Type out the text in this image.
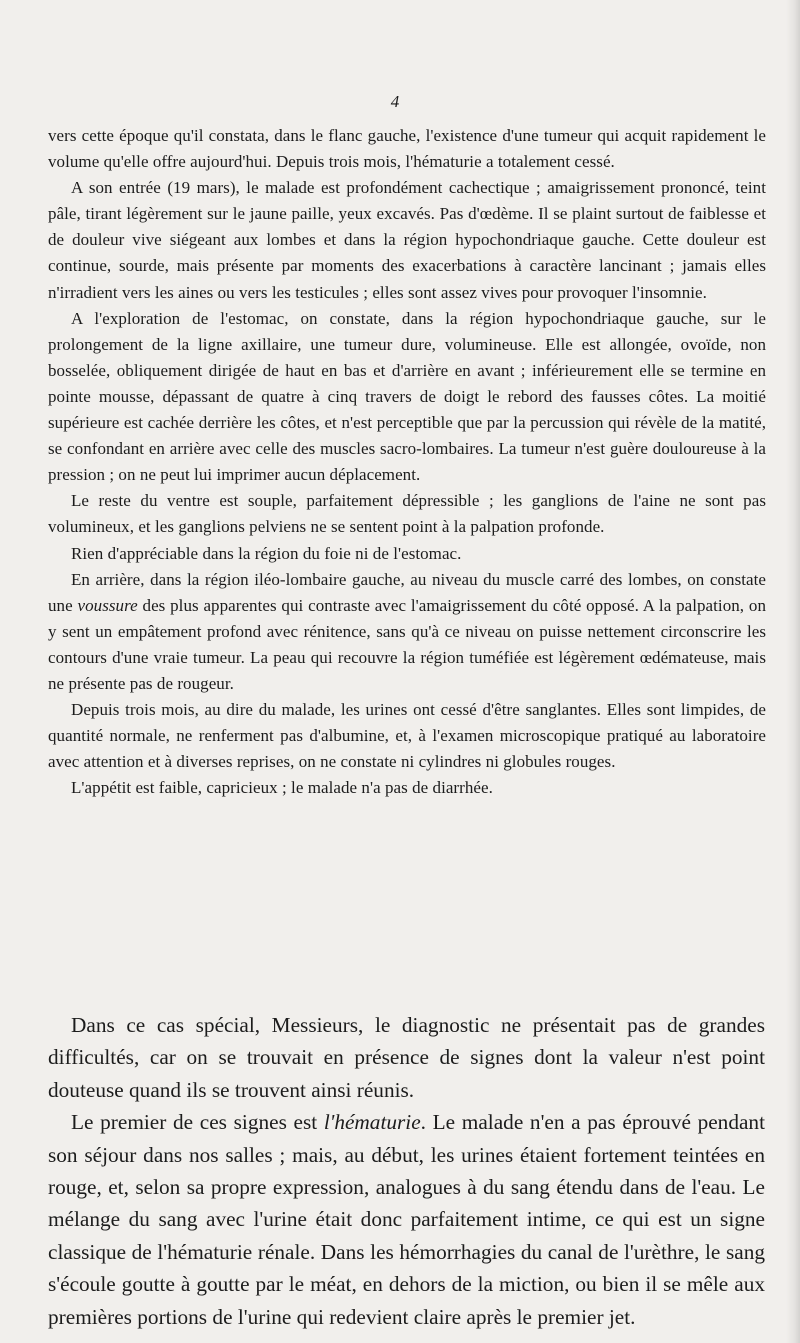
4

vers cette époque qu'il constata, dans le flanc gauche, l'existence d'une tumeur qui acquit rapidement le volume qu'elle offre aujourd'hui. Depuis trois mois, l'hématurie a totalement cessé.

A son entrée (19 mars), le malade est profondément cachectique ; amaigrissement prononcé, teint pâle, tirant légèrement sur le jaune paille, yeux excavés. Pas d'œdème. Il se plaint surtout de faiblesse et de douleur vive siégeant aux lombes et dans la région hypochondriaque gauche. Cette douleur est continue, sourde, mais présente par moments des exacerbations à caractère lancinant ; jamais elles n'irradient vers les aines ou vers les testicules ; elles sont assez vives pour provoquer l'insomnie.

A l'exploration de l'estomac, on constate, dans la région hypochondriaque gauche, sur le prolongement de la ligne axillaire, une tumeur dure, volumineuse. Elle est allongée, ovoïde, non bosselée, obliquement dirigée de haut en bas et d'arrière en avant ; inférieurement elle se termine en pointe mousse, dépassant de quatre à cinq travers de doigt le rebord des fausses côtes. La moitié supérieure est cachée derrière les côtes, et n'est perceptible que par la percussion qui révèle de la matité, se confondant en arrière avec celle des muscles sacro-lombaires. La tumeur n'est guère douloureuse à la pression ; on ne peut lui imprimer aucun déplacement.

Le reste du ventre est souple, parfaitement dépressible ; les ganglions de l'aine ne sont pas volumineux, et les ganglions pelviens ne se sentent point à la palpation profonde.

Rien d'appréciable dans la région du foie ni de l'estomac.

En arrière, dans la région iléo-lombaire gauche, au niveau du muscle carré des lombes, on constate une voussure des plus apparentes qui contraste avec l'amaigrissement du côté opposé. A la palpation, on y sent un empâtement profond avec rénitence, sans qu'à ce niveau on puisse nettement circonscrire les contours d'une vraie tumeur. La peau qui recouvre la région tuméfiée est légèrement œdémateuse, mais ne présente pas de rougeur.

Depuis trois mois, au dire du malade, les urines ont cessé d'être sanglantes. Elles sont limpides, de quantité normale, ne renferment pas d'albumine, et, à l'examen microscopique pratiqué au laboratoire avec attention et à diverses reprises, on ne constate ni cylindres ni globules rouges.

L'appétit est faible, capricieux ; le malade n'a pas de diarrhée.

Dans ce cas spécial, Messieurs, le diagnostic ne présentait pas de grandes difficultés, car on se trouvait en présence de signes dont la valeur n'est point douteuse quand ils se trouvent ainsi réunis.

Le premier de ces signes est l'hématurie. Le malade n'en a pas éprouvé pendant son séjour dans nos salles ; mais, au début, les urines étaient fortement teintées en rouge, et, selon sa propre expression, analogues à du sang étendu dans de l'eau. Le mélange du sang avec l'urine était donc parfaitement intime, ce qui est un signe classique de l'hématurie rénale. Dans les hémorrhagies du canal de l'urèthre, le sang s'écoule goutte à goutte par le méat, en dehors de la miction, ou bien il se mêle aux premières portions de l'urine qui redevient claire après le premier jet.
